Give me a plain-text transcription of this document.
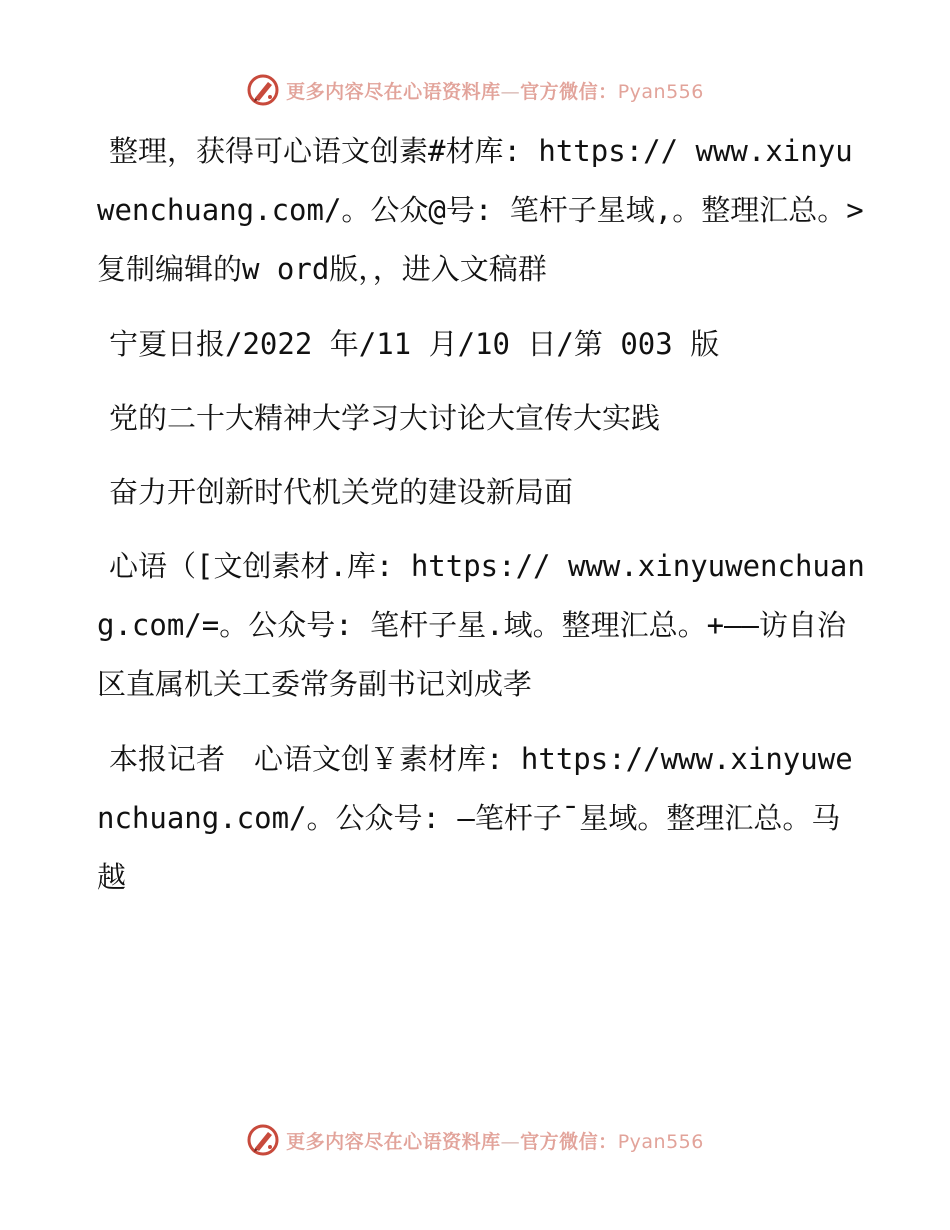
更多内容尽在心语资料库—官方微信：Pyan556

整理，获得可心语文创素#材库: https:// www.xinyuwenchuang.com/。公众@号: 笔杆子星域,。整理汇总。>复制编辑的w ord版，，进入文稿群

宁夏日报/2022 年/11 月/10 日/第 003 版

党的二十大精神大学习大讨论大宣传大实践

奋力开创新时代机关党的建设新局面

心语（[文创素材.库: https:// www.xinyuwenchuang.com/=。公众号: 笔杆子星.域。整理汇总。+——访自治区直属机关工委常务副书记刘成孝

本报记者　心语文创￥素材库: https://www.xinyuwenchuang.com/。公众号: —笔杆子¯星域。整理汇总。马越

更多内容尽在心语资料库—官方微信：Pyan556
